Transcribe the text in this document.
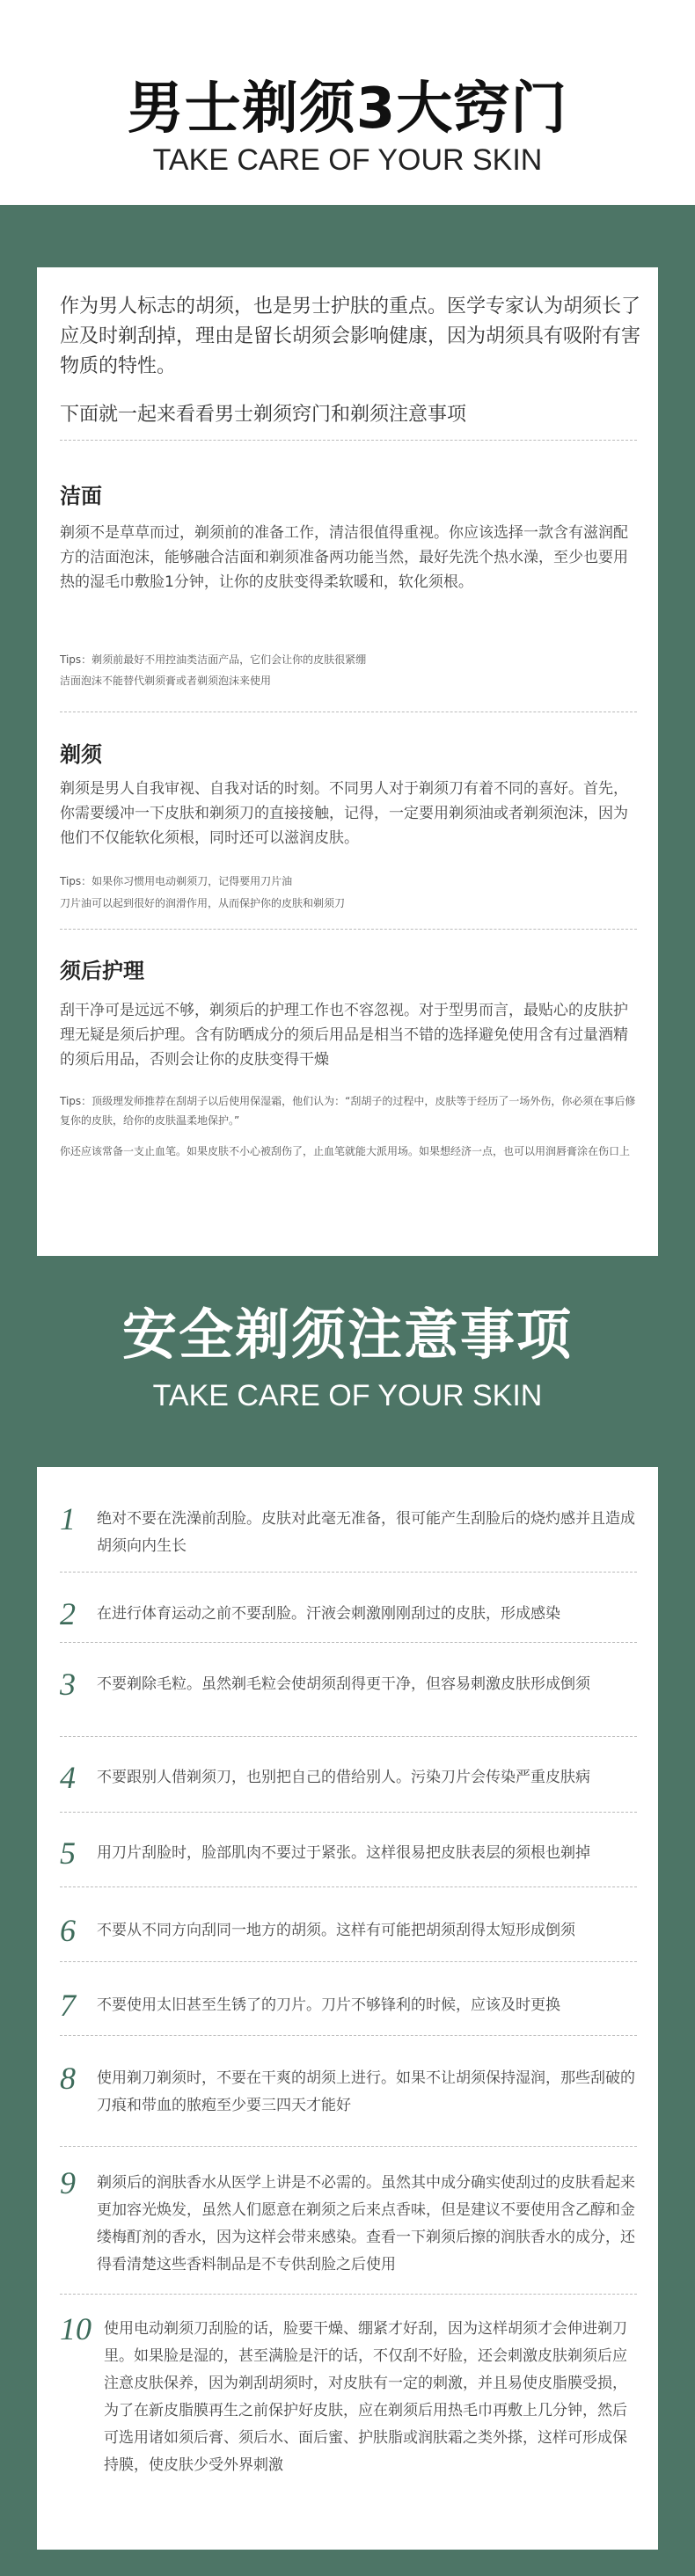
男士剃须3大窍门
TAKE CARE OF YOUR SKIN
作为男人标志的胡须，也是男士护肤的重点。医学专家认为胡须长了应及时剃刮掉，理由是留长胡须会影响健康，因为胡须具有吸附有害物质的特性。
下面就一起来看看男士剃须窍门和剃须注意事项
洁面
剃须不是草草而过，剃须前的准备工作，清洁很值得重视。你应该选择一款含有滋润配方的洁面泡沫，能够融合洁面和剃须准备两功能当然，最好先洗个热水澡，至少也要用热的湿毛巾敷脸1分钟，让你的皮肤变得柔软暖和，软化须根。
Tips：剃须前最好不用控油类洁面产品，它们会让你的皮肤很紧绷
洁面泡沫不能替代剃须膏或者剃须泡沫来使用
剃须
剃须是男人自我审视、自我对话的时刻。不同男人对于剃须刀有着不同的喜好。首先，你需要缓冲一下皮肤和剃须刀的直接接触，记得，一定要用剃须油或者剃须泡沫，因为他们不仅能软化须根，同时还可以滋润皮肤。
Tips：如果你习惯用电动剃须刀，记得要用刀片油
刀片油可以起到很好的润滑作用，从而保护你的皮肤和剃须刀
须后护理
刮干净可是远远不够，剃须后的护理工作也不容忽视。对于型男而言，最贴心的皮肤护理无疑是须后护理。含有防晒成分的须后用品是相当不错的选择避免使用含有过量酒精的须后用品，否则会让你的皮肤变得干燥
Tips：顶级理发师推荐在刮胡子以后使用保湿霜，他们认为：“刮胡子的过程中，皮肤等于经历了一场外伤，你必须在事后修复你的皮肤，给你的皮肤温柔地保护。”
你还应该常备一支止血笔。如果皮肤不小心被刮伤了，止血笔就能大派用场。如果想经济一点，也可以用润唇膏涂在伤口上
安全剃须注意事项
TAKE CARE OF YOUR SKIN
1 绝对不要在洗澡前刮脸。皮肤对此毫无准备，很可能产生刮脸后的烧灼感并且造成胡须向内生长
2 在进行体育运动之前不要刮脸。汗液会刺激刚刚刮过的皮肤，形成感染
3 不要剃除毛粒。虽然剃毛粒会使胡须刮得更干净，但容易刺激皮肤形成倒须
4 不要跟别人借剃须刀，也别把自己的借给别人。污染刀片会传染严重皮肤病
5 用刀片刮脸时，脸部肌肉不要过于紧张。这样很易把皮肤表层的须根也剃掉
6 不要从不同方向刮同一地方的胡须。这样有可能把胡须刮得太短形成倒须
7 不要使用太旧甚至生锈了的刀片。刀片不够锋利的时候，应该及时更换
8 使用剃刀剃须时，不要在干爽的胡须上进行。如果不让胡须保持湿润，那些刮破的刀痕和带血的脓疱至少要三四天才能好
9 剃须后的润肤香水从医学上讲是不必需的。虽然其中成分确实使刮过的皮肤看起来更加容光焕发，虽然人们愿意在剃须之后来点香味，但是建议不要使用含乙醇和金缕梅酊剂的香水，因为这样会带来感染。查看一下剃须后擦的润肤香水的成分，还得看清楚这些香料制品是不专供刮脸之后使用
10 使用电动剃须刀刮脸的话，脸要干燥、绷紧才好刮，因为这样胡须才会伸进剃刀里。如果脸是湿的，甚至满脸是汗的话，不仅刮不好脸，还会刺激皮肤剃须后应注意皮肤保养，因为剃刮胡须时，对皮肤有一定的刺激，并且易使皮脂膜受损，为了在新皮脂膜再生之前保护好皮肤，应在剃须后用热毛巾再敷上几分钟，然后可选用诸如须后膏、须后水、面后蜜、护肤脂或润肤霜之类外搽，这样可形成保持膜，使皮肤少受外界刺激
